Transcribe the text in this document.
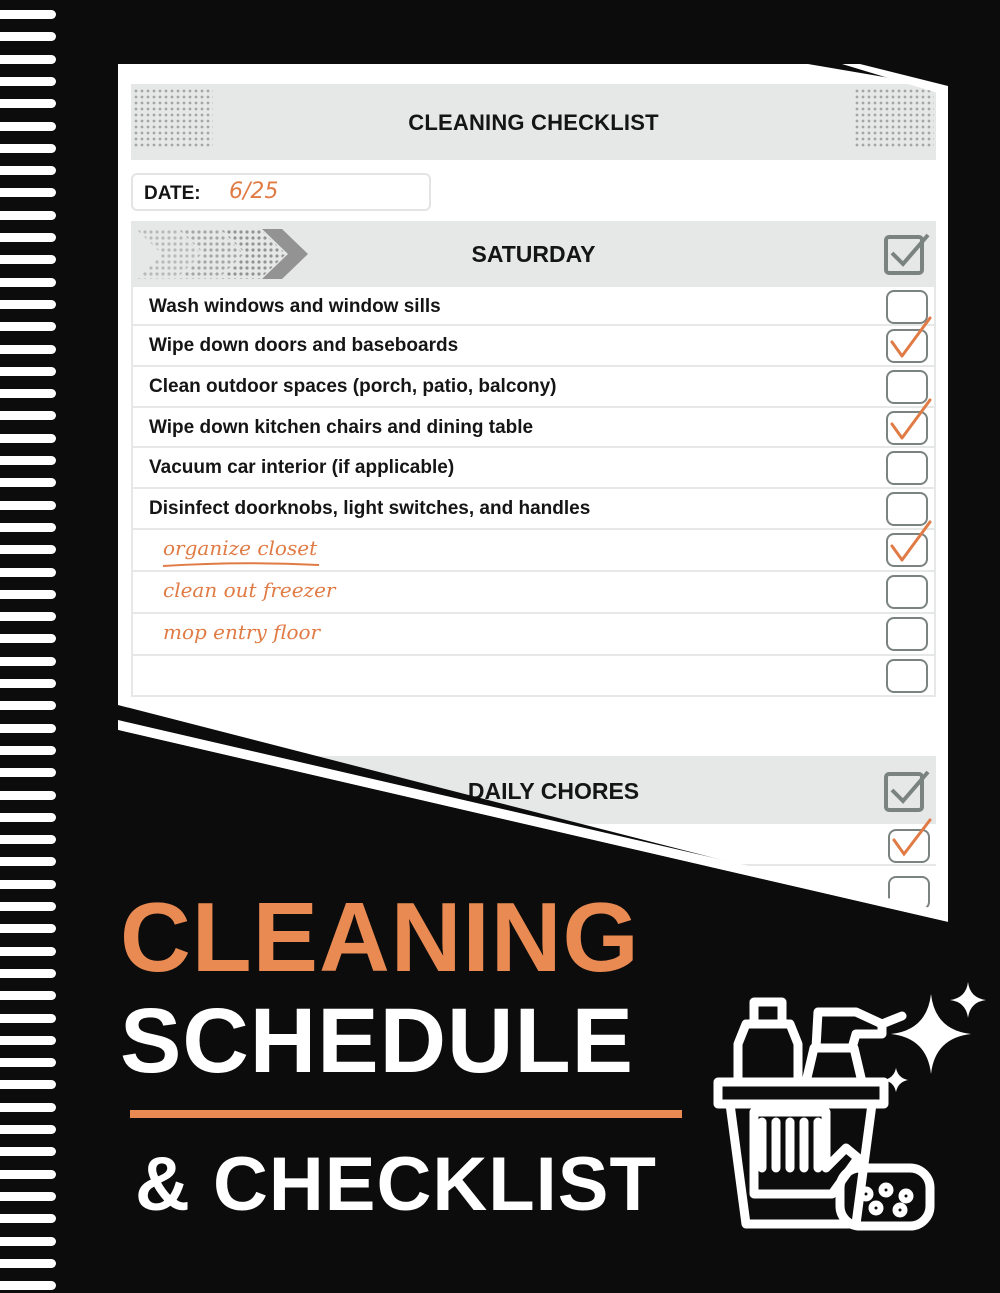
CLEANING CHECKLIST
DATE: 6/25
SATURDAY
Wash windows and window sills
Wipe down doors and baseboards
Clean outdoor spaces (porch, patio, balcony)
Wipe down kitchen chairs and dining table
Vacuum car interior (if applicable)
Disinfect doorknobs, light switches, and handles
organize closet
clean out freezer
mop entry floor
DAILY CHORES
CLEANING
SCHEDULE
& CHECKLIST
